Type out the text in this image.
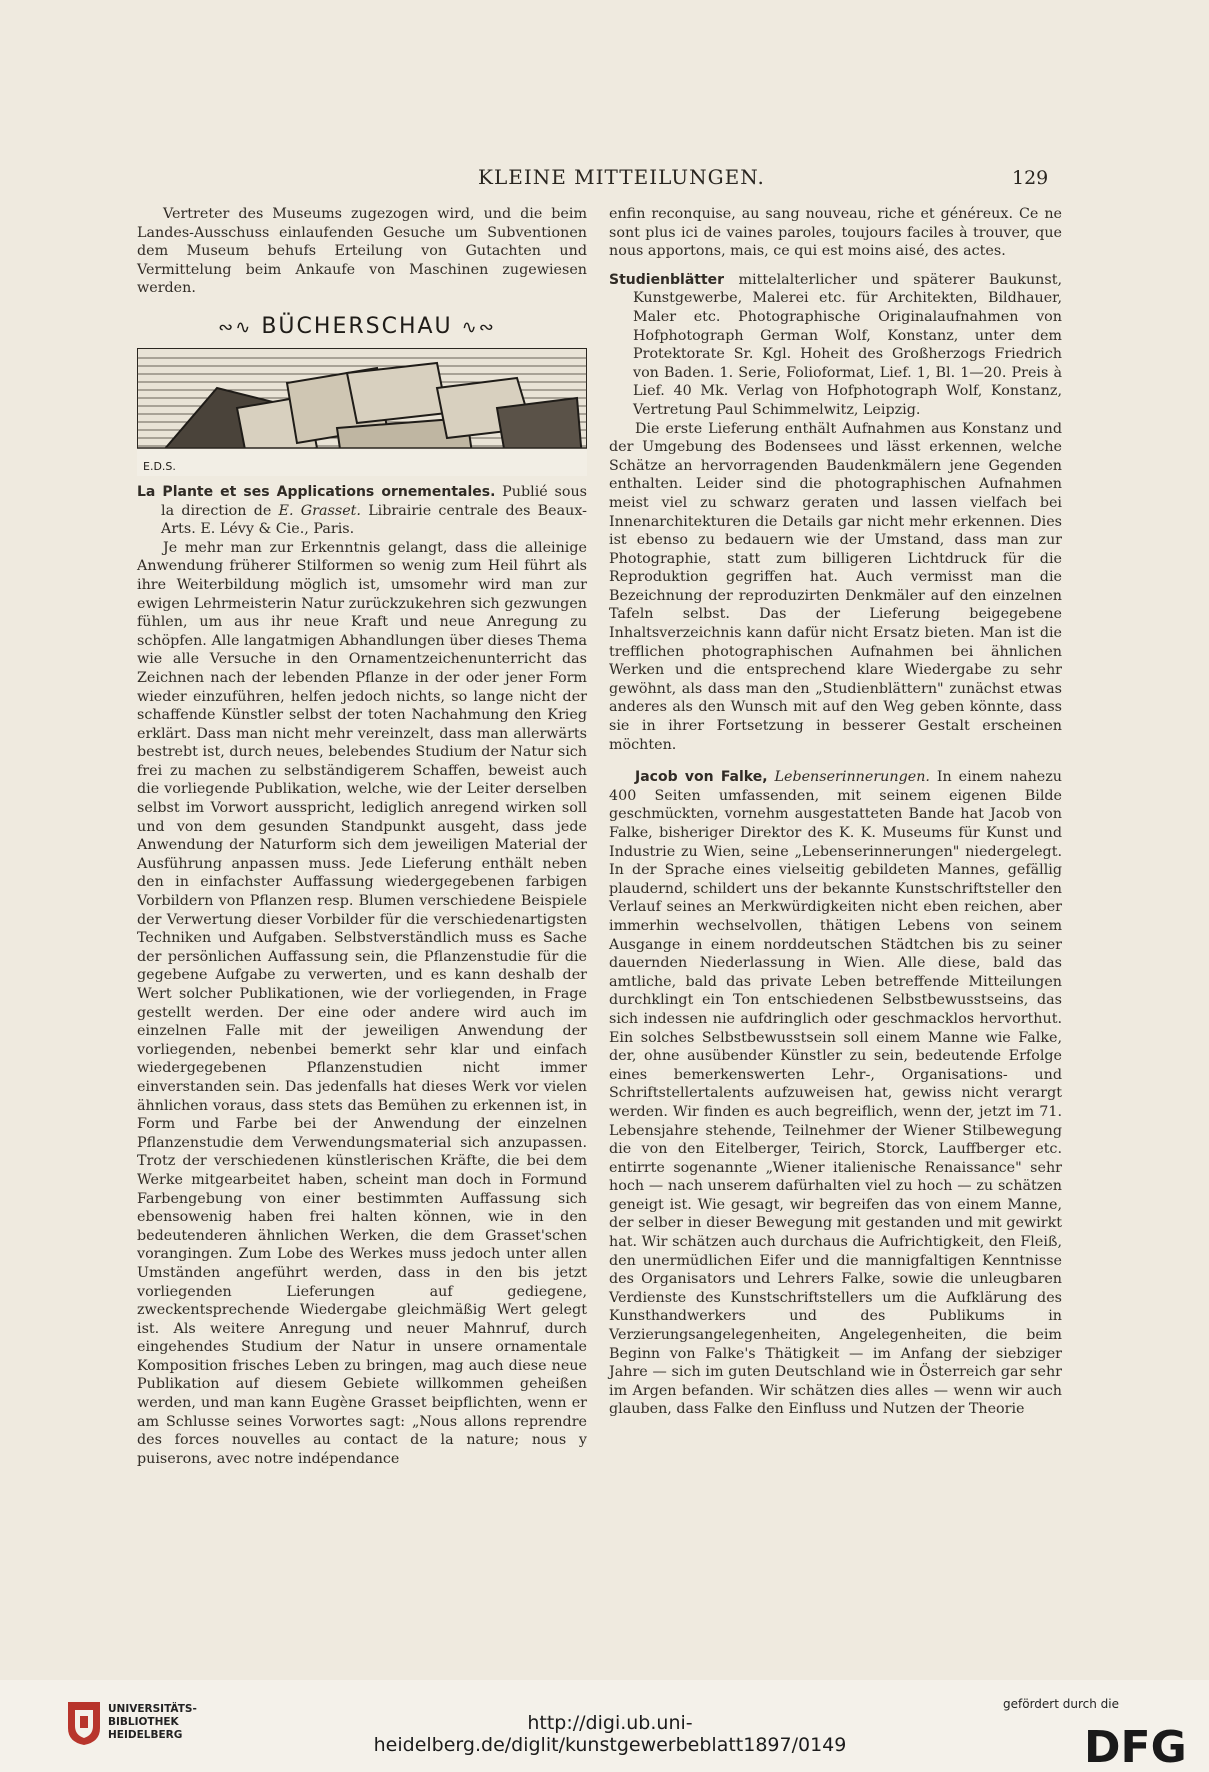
KLEINE MITTEILUNGEN.	129

Vertreter des Museums zugezogen wird, und die beim Landes-Ausschuss einlaufenden Gesuche um Subventionen dem Museum behufs Erteilung von Gutachten und Vermittelung beim Ankaufe von Maschinen zugewiesen werden.

∾∿ BÜCHERSCHAU ∿∾
E.D.S.

La Plante et ses Applications ornementales. Publié sous la direction de E. Grasset. Librairie centrale des Beaux-Arts. E. Lévy & Cie., Paris.

Je mehr man zur Erkenntnis gelangt, dass die alleinige Anwendung früherer Stilformen so wenig zum Heil führt als ihre Weiterbildung möglich ist, umsomehr wird man zur ewigen Lehrmeisterin Natur zurückzukehren sich gezwungen fühlen, um aus ihr neue Kraft und neue Anregung zu schöpfen. Alle langatmigen Abhandlungen über dieses Thema wie alle Versuche in den Ornamentzeichenunterricht das Zeichnen nach der lebenden Pflanze in der oder jener Form wieder einzuführen, helfen jedoch nichts, so lange nicht der schaffende Künstler selbst der toten Nachahmung den Krieg erklärt. Dass man nicht mehr vereinzelt, dass man allerwärts bestrebt ist, durch neues, belebendes Studium der Natur sich frei zu machen zu selbständigerem Schaffen, beweist auch die vorliegende Publikation, welche, wie der Leiter derselben selbst im Vorwort ausspricht, lediglich anregend wirken soll und von dem gesunden Standpunkt ausgeht, dass jede Anwendung der Naturform sich dem jeweiligen Material der Ausführung anpassen muss. Jede Lieferung enthält neben den in einfachster Auffassung wiedergegebenen farbigen Vorbildern von Pflanzen resp. Blumen verschiedene Beispiele der Verwertung dieser Vorbilder für die verschiedenartigsten Techniken und Aufgaben. Selbstverständlich muss es Sache der persönlichen Auffassung sein, die Pflanzenstudie für die gegebene Aufgabe zu verwerten, und es kann deshalb der Wert solcher Publikationen, wie der vorliegenden, in Frage gestellt werden. Der eine oder andere wird auch im einzelnen Falle mit der jeweiligen Anwendung der vorliegenden, nebenbei bemerkt sehr klar und einfach wiedergegebenen Pflanzenstudien nicht immer einverstanden sein. Das jedenfalls hat dieses Werk vor vielen ähnlichen voraus, dass stets das Bemühen zu erkennen ist, in Form und Farbe bei der Anwendung der einzelnen Pflanzenstudie dem Verwendungsmaterial sich anzupassen. Trotz der verschiedenen künstlerischen Kräfte, die bei dem Werke mitgearbeitet haben, scheint man doch in Formund Farbengebung von einer bestimmten Auffassung sich ebensowenig haben frei halten können, wie in den bedeutenderen ähnlichen Werken, die dem Grasset'schen vorangingen. Zum Lobe des Werkes muss jedoch unter allen Umständen angeführt werden, dass in den bis jetzt vorliegenden Lieferungen auf gediegene, zweckentsprechende Wiedergabe gleichmäßig Wert gelegt ist. Als weitere Anregung und neuer Mahnruf, durch eingehendes Studium der Natur in unsere ornamentale Komposition frisches Leben zu bringen, mag auch diese neue Publikation auf diesem Gebiete willkommen geheißen werden, und man kann Eugène Grasset beipflichten, wenn er am Schlusse seines Vorwortes sagt: „Nous allons reprendre des forces nouvelles au contact de la nature; nous y puiserons, avec notre indépendance

enfin reconquise, au sang nouveau, riche et généreux. Ce ne sont plus ici de vaines paroles, toujours faciles à trouver, que nous apportons, mais, ce qui est moins aisé, des actes.

Studienblätter mittelalterlicher und späterer Baukunst, Kunstgewerbe, Malerei etc. für Architekten, Bildhauer, Maler etc. Photographische Originalaufnahmen von Hofphotograph German Wolf, Konstanz, unter dem Protektorate Sr. Kgl. Hoheit des Großherzogs Friedrich von Baden. 1. Serie, Folioformat, Lief. 1, Bl. 1—20. Preis à Lief. 40 Mk. Verlag von Hofphotograph Wolf, Konstanz, Vertretung Paul Schimmelwitz, Leipzig.

Die erste Lieferung enthält Aufnahmen aus Konstanz und der Umgebung des Bodensees und lässt erkennen, welche Schätze an hervorragenden Baudenkmälern jene Gegenden enthalten. Leider sind die photographischen Aufnahmen meist viel zu schwarz geraten und lassen vielfach bei Innenarchitekturen die Details gar nicht mehr erkennen. Dies ist ebenso zu bedauern wie der Umstand, dass man zur Photographie, statt zum billigeren Lichtdruck für die Reproduktion gegriffen hat. Auch vermisst man die Bezeichnung der reproduzirten Denkmäler auf den einzelnen Tafeln selbst. Das der Lieferung beigegebene Inhaltsverzeichnis kann dafür nicht Ersatz bieten. Man ist die trefflichen photographischen Aufnahmen bei ähnlichen Werken und die entsprechend klare Wiedergabe zu sehr gewöhnt, als dass man den „Studienblättern" zunächst etwas anderes als den Wunsch mit auf den Weg geben könnte, dass sie in ihrer Fortsetzung in besserer Gestalt erscheinen möchten.

Jacob von Falke, Lebenserinnerungen. In einem nahezu 400 Seiten umfassenden, mit seinem eigenen Bilde geschmückten, vornehm ausgestatteten Bande hat Jacob von Falke, bisheriger Direktor des K. K. Museums für Kunst und Industrie zu Wien, seine „Lebenserinnerungen" niedergelegt. In der Sprache eines vielseitig gebildeten Mannes, gefällig plaudernd, schildert uns der bekannte Kunstschriftsteller den Verlauf seines an Merkwürdigkeiten nicht eben reichen, aber immerhin wechselvollen, thätigen Lebens von seinem Ausgange in einem norddeutschen Städtchen bis zu seiner dauernden Niederlassung in Wien. Alle diese, bald das amtliche, bald das private Leben betreffende Mitteilungen durchklingt ein Ton entschiedenen Selbstbewusstseins, das sich indessen nie aufdringlich oder geschmacklos hervorthut. Ein solches Selbstbewusstsein soll einem Manne wie Falke, der, ohne ausübender Künstler zu sein, bedeutende Erfolge eines bemerkenswerten Lehr-, Organisations- und Schriftstellertalents aufzuweisen hat, gewiss nicht verargt werden. Wir finden es auch begreiflich, wenn der, jetzt im 71. Lebensjahre stehende, Teilnehmer der Wiener Stilbewegung die von den Eitelberger, Teirich, Storck, Lauffberger etc. entirrte sogenannte „Wiener italienische Renaissance" sehr hoch — nach unserem dafürhalten viel zu hoch — zu schätzen geneigt ist. Wie gesagt, wir begreifen das von einem Manne, der selber in dieser Bewegung mit gestanden und mit gewirkt hat. Wir schätzen auch durchaus die Aufrichtigkeit, den Fleiß, den unermüdlichen Eifer und die mannigfaltigen Kenntnisse des Organisators und Lehrers Falke, sowie die unleugbaren Verdienste des Kunstschriftstellers um die Aufklärung des Kunsthandwerkers und des Publikums in Verzierungsangelegenheiten, Angelegenheiten, die beim Beginn von Falke's Thätigkeit — im Anfang der siebziger Jahre — sich im guten Deutschland wie in Österreich gar sehr im Argen befanden. Wir schätzen dies alles — wenn wir auch glauben, dass Falke den Einfluss und Nutzen der Theorie

UNIVERSITÄTS-
BIBLIOTHEK
HEIDELBERG
http://digi.ub.uni-heidelberg.de/diglit/kunstgewerbeblatt1897/0149
gefördert durch die
DFG
